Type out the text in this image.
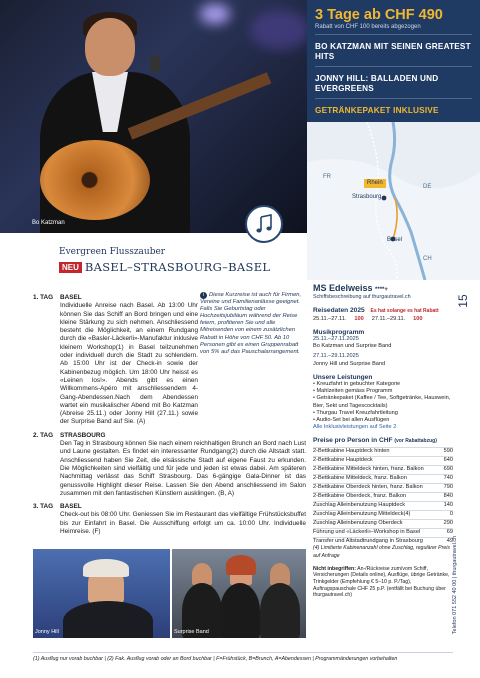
Bo Katzman
3 Tage ab CHF 490
Rabatt von CHF 100 bereits abgezogen
BO KATZMAN MIT SEINEN GREATEST HITS
JONNY HILL: BALLADEN UND EVERGREENS
GETRÄNKEPAKET INKLUSIVE
FR
DE
CH
Rhein
Strasbourg
Basel
Evergreen Flusszauber
NEU BASEL–STRASBOURG–BASEL
1. TAG	BASEL
Individuelle Anreise nach Basel. Ab 13:00 Uhr können Sie das Schiff an Bord bringen und eine kleine Stärkung zu sich nehmen. Anschliessend besteht die Möglichkeit, an einem Rundgang durch die «Basler-Läckerli»-Manufaktur inklusive kleinem Workshop(1) in Basel teilzunehmen oder individuell durch die Stadt zu schlendern. Ab 15:00 Uhr ist der Check-in sowie der Kabinenbezug möglich. Um 18:00 Uhr heisst es «Leinen los!». Abends gibt es einen Willkommens-Apéro mit anschliessendem 4-Gang-Abendessen.Nach dem Abendessen wartet ein musikalischer Abend mit Bo Katzman (Abreise 25.11.) oder Jonny Hill (27.11.) sowie der Surprise Band auf Sie. (A)
2. TAG	STRASBOURG
Den Tag in Strasbourg können Sie nach einem reichhaltigen Brunch an Bord nach Lust und Laune gestalten. Es findet ein interessanter Rundgang(2) durch die Altstadt statt. Anschliessend haben Sie Zeit, die elsässische Stadt auf eigene Faust zu erkunden. Die Möglichkeiten sind vielfältig und für jede und jeden ist etwas dabei. Am späteren Nachmittag verlässt das Schiff Strasbourg. Das 6-gängige Gala-Dinner ist das genussvolle Highlight dieser Reise. Lassen Sie den Abend anschliessend im Salon zusammen mit den fantastischen Künstlern ausklingen. (B, A)
3. TAG	BASEL
Check-out bis 08:00 Uhr. Geniessen Sie im Restaurant das vielfältige Frühstücksbuffet bis zur Einfahrt in Basel. Die Ausschiffung erfolgt um ca. 10:00 Uhr. Individuelle Heimreise. (F)
i Diese Kurzreise ist auch für Firmen, Vereine und Familienanlässe geeignet. Falls Sie Geburtstag oder Hochzeitsjubiläum während der Reise feiern, profitieren Sie und alle Mitreisenden von einem zusätzlichen Rabatt in Höhe von CHF 50. Ab 10 Personen gibt es einen Gruppenrabatt von 5% auf das Pauschalarrangement.
Jonny Hill	Surprise Band
MS Edelweiss ****+
Schiffsbeschreibung auf thurgautravel.ch
Reisedaten 2025 Es hat solange es hat Rabatt
25.11.–27.11. 100 27.11.–29.11. 100
Musikprogramm
25.11.–27.11.2025
Bo Katzman und Surprise Band
27.11.–29.11.2025
Jonny Hill und Surprise Band
Unsere Leistungen
• Kreuzfahrt in gebuchter Kategorie
• Mahlzeiten gemäss Programm
• Getränkepaket (Kaffee / Tee, Softgetränke, Hauswein, Bier, Sekt und Tagescocktails)
• Thurgau Travel Kreuzfahrtleitung
• Audio-Set bei allen Ausflügen
Alle Inklusivleistungen auf Seite 2
Preise pro Person in CHF (vor Rabattabzug)
2-Bettkabine Hauptdeck hinten	590
2-Bettkabine Hauptdeck	640
2-Bettkabine Mitteldeck hinten, franz. Balkon	690
2-Bettkabine Mitteldeck, franz. Balkon	740
2-Bettkabine Oberdeck hinten, franz. Balkon	790
2-Bettkabine Oberdeck, franz. Balkon	840
Zuschlag Alleinbenutzung Hauptdeck	140
Zuschlag Alleinbenutzung Mitteldeck(4)	0
Zuschlag Alleinbenutzung Oberdeck	290
Führung und «Läckerli»-Workshop in Basel	69
Transfer und Altstadtrundgang in Strasbourg	49
(4) Limitierte Kabinenanzahl ohne Zuschlag, regulärer Preis auf Anfrage
Nicht inbegriffen: An-/Rückreise zum/vom Schiff, Versicherungen (Details online), Ausflüge, übrige Getränke, Trinkgelder (Empfehlung € 5–10 p. P./Tag), Auftragspauschale CHF 25 p.P. (entfällt bei Buchung über thurgautravel.ch)
15
Telefon 071 552 40 00 | thurgautravel.ch
(1) Ausflug nur vorab buchbar | (2) Fak. Ausflug vorab oder an Bord buchbar | F=Frühstück, B=Brunch, A=Abendessen | Programmänderungen vorbehalten
